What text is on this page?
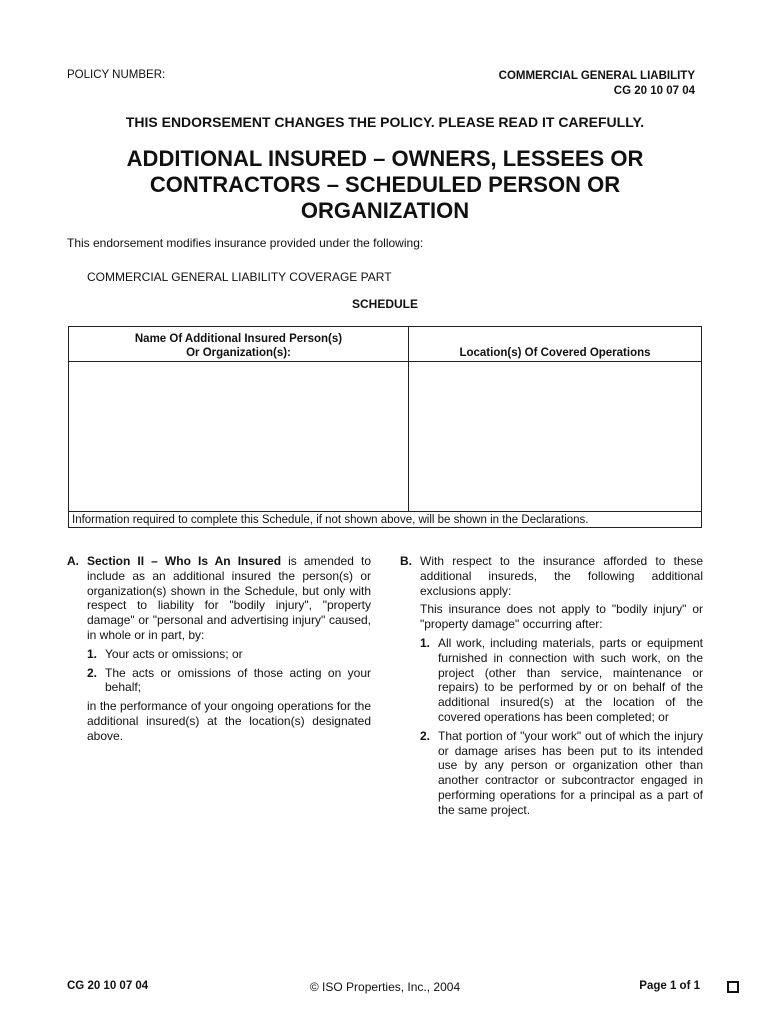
POLICY NUMBER:	COMMERCIAL GENERAL LIABILITY
CG 20 10 07 04
THIS ENDORSEMENT CHANGES THE POLICY. PLEASE READ IT CAREFULLY.
ADDITIONAL INSURED – OWNERS, LESSEES OR CONTRACTORS – SCHEDULED PERSON OR ORGANIZATION
This endorsement modifies insurance provided under the following:
COMMERCIAL GENERAL LIABILITY COVERAGE PART
SCHEDULE
Name Of Additional Insured Person(s)
Or Organization(s):	Location(s) Of Covered Operations
Information required to complete this Schedule, if not shown above, will be shown in the Declarations.
A. Section II – Who Is An Insured is amended to include as an additional insured the person(s) or organization(s) shown in the Schedule, but only with respect to liability for "bodily injury", "property damage" or "personal and advertising injury" caused, in whole or in part, by:
1. Your acts or omissions; or
2. The acts or omissions of those acting on your behalf;
in the performance of your ongoing operations for the additional insured(s) at the location(s) designated above.
B. With respect to the insurance afforded to these additional insureds, the following additional exclusions apply:
This insurance does not apply to "bodily injury" or "property damage" occurring after:
1. All work, including materials, parts or equipment furnished in connection with such work, on the project (other than service, maintenance or repairs) to be performed by or on behalf of the additional insured(s) at the location of the covered operations has been completed; or
2. That portion of "your work" out of which the injury or damage arises has been put to its intended use by any person or organization other than another contractor or subcontractor engaged in performing operations for a principal as a part of the same project.
CG 20 10 07 04	© ISO Properties, Inc., 2004	Page 1 of 1
